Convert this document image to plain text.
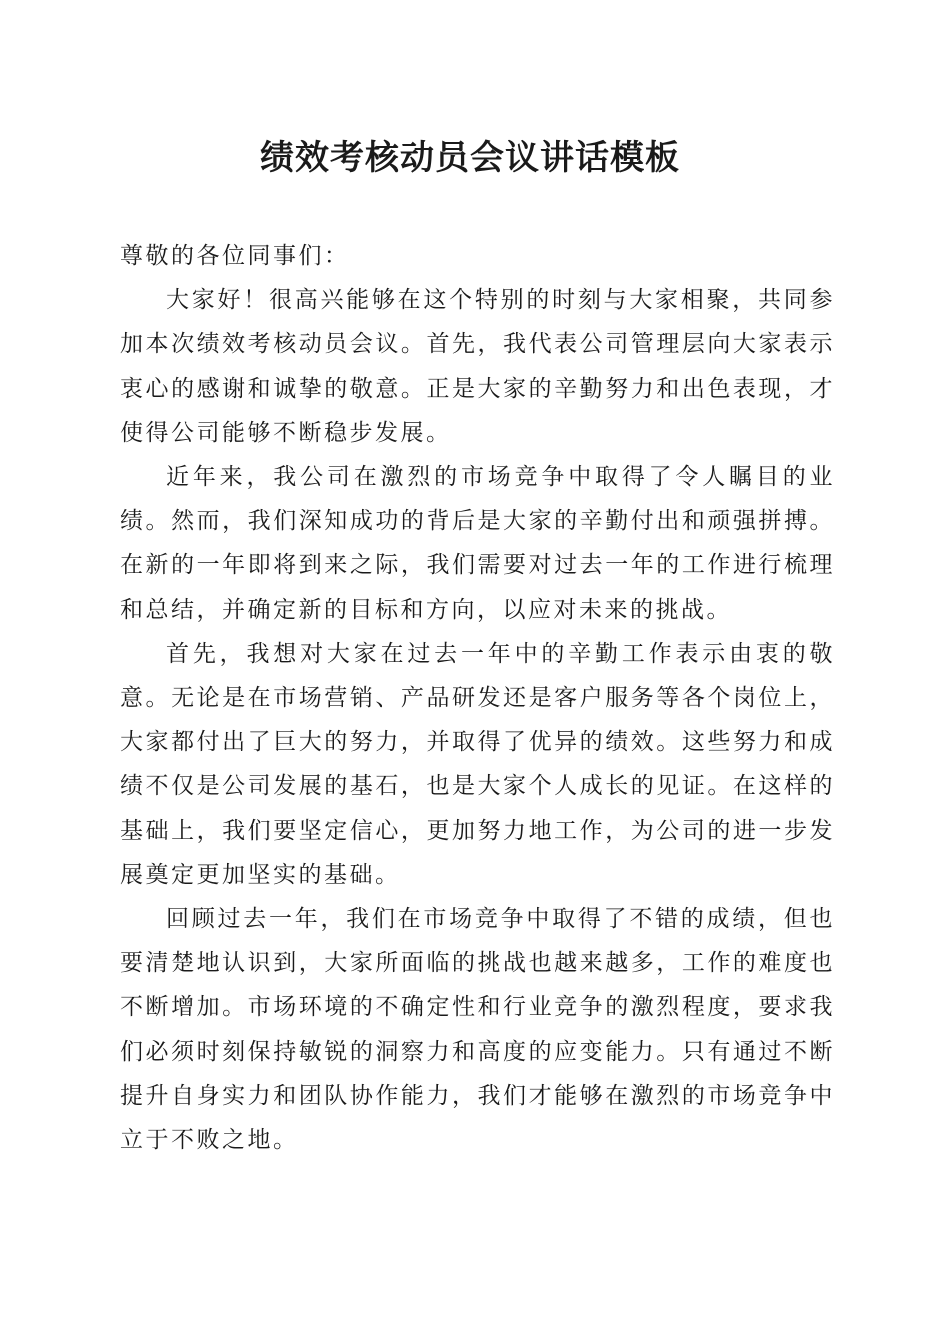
绩效考核动员会议讲话模板

尊敬的各位同事们：

大家好！很高兴能够在这个特别的时刻与大家相聚，共同参加本次绩效考核动员会议。首先，我代表公司管理层向大家表示衷心的感谢和诚挚的敬意。正是大家的辛勤努力和出色表现，才使得公司能够不断稳步发展。

近年来，我公司在激烈的市场竞争中取得了令人瞩目的业绩。然而，我们深知成功的背后是大家的辛勤付出和顽强拼搏。在新的一年即将到来之际，我们需要对过去一年的工作进行梳理和总结，并确定新的目标和方向，以应对未来的挑战。

首先，我想对大家在过去一年中的辛勤工作表示由衷的敬意。无论是在市场营销、产品研发还是客户服务等各个岗位上，大家都付出了巨大的努力，并取得了优异的绩效。这些努力和成绩不仅是公司发展的基石，也是大家个人成长的见证。在这样的基础上，我们要坚定信心，更加努力地工作，为公司的进一步发展奠定更加坚实的基础。

回顾过去一年，我们在市场竞争中取得了不错的成绩，但也要清楚地认识到，大家所面临的挑战也越来越多，工作的难度也不断增加。市场环境的不确定性和行业竞争的激烈程度，要求我们必须时刻保持敏锐的洞察力和高度的应变能力。只有通过不断提升自身实力和团队协作能力，我们才能够在激烈的市场竞争中立于不败之地。
